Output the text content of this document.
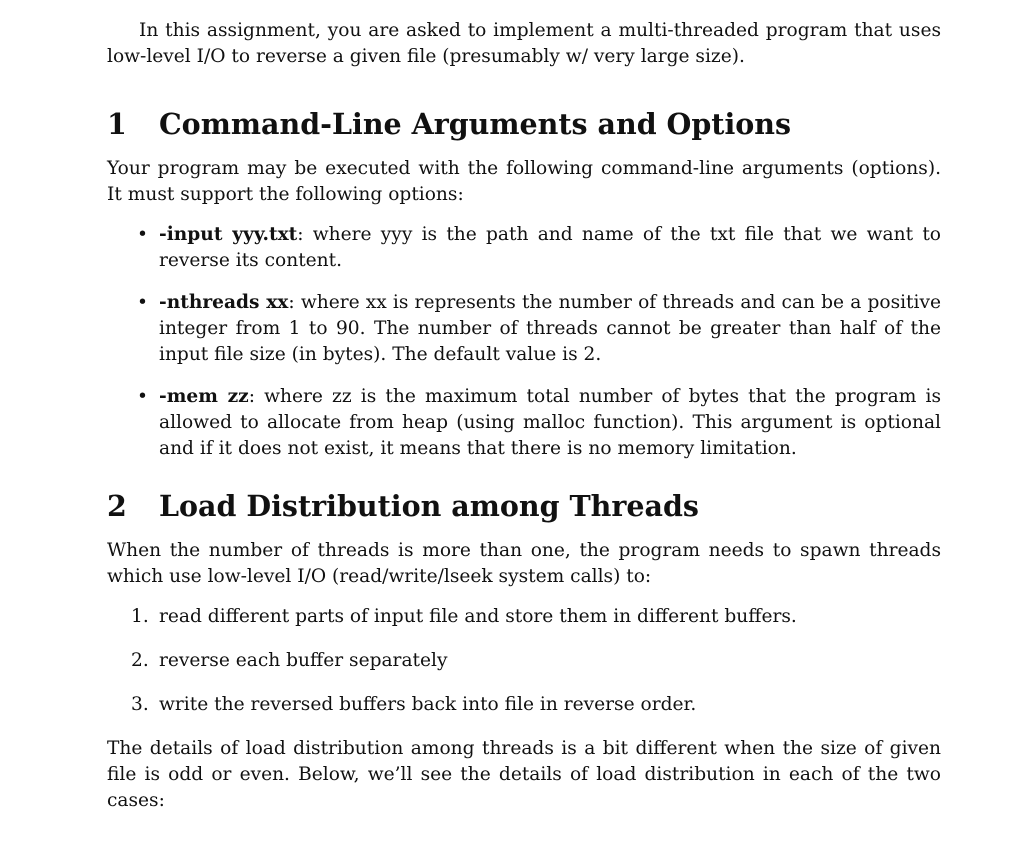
In this assignment, you are asked to implement a multi-threaded program that uses low-level I/O to reverse a given file (presumably w/ very large size).

1	Command-Line Arguments and Options

Your program may be executed with the following command-line arguments (options). It must support the following options:

• -input yyy.txt: where yyy is the path and name of the txt file that we want to reverse its content.

• -nthreads xx: where xx is represents the number of threads and can be a positive integer from 1 to 90. The number of threads cannot be greater than half of the input file size (in bytes). The default value is 2.

• -mem zz: where zz is the maximum total number of bytes that the program is allowed to allocate from heap (using malloc function). This argument is optional and if it does not exist, it means that there is no memory limitation.

2	Load Distribution among Threads

When the number of threads is more than one, the program needs to spawn threads which use low-level I/O (read/write/lseek system calls) to:

1. read different parts of input file and store them in different buffers.

2. reverse each buffer separately

3. write the reversed buffers back into file in reverse order.

The details of load distribution among threads is a bit different when the size of given file is odd or even. Below, we’ll see the details of load distribution in each of the two cases:
